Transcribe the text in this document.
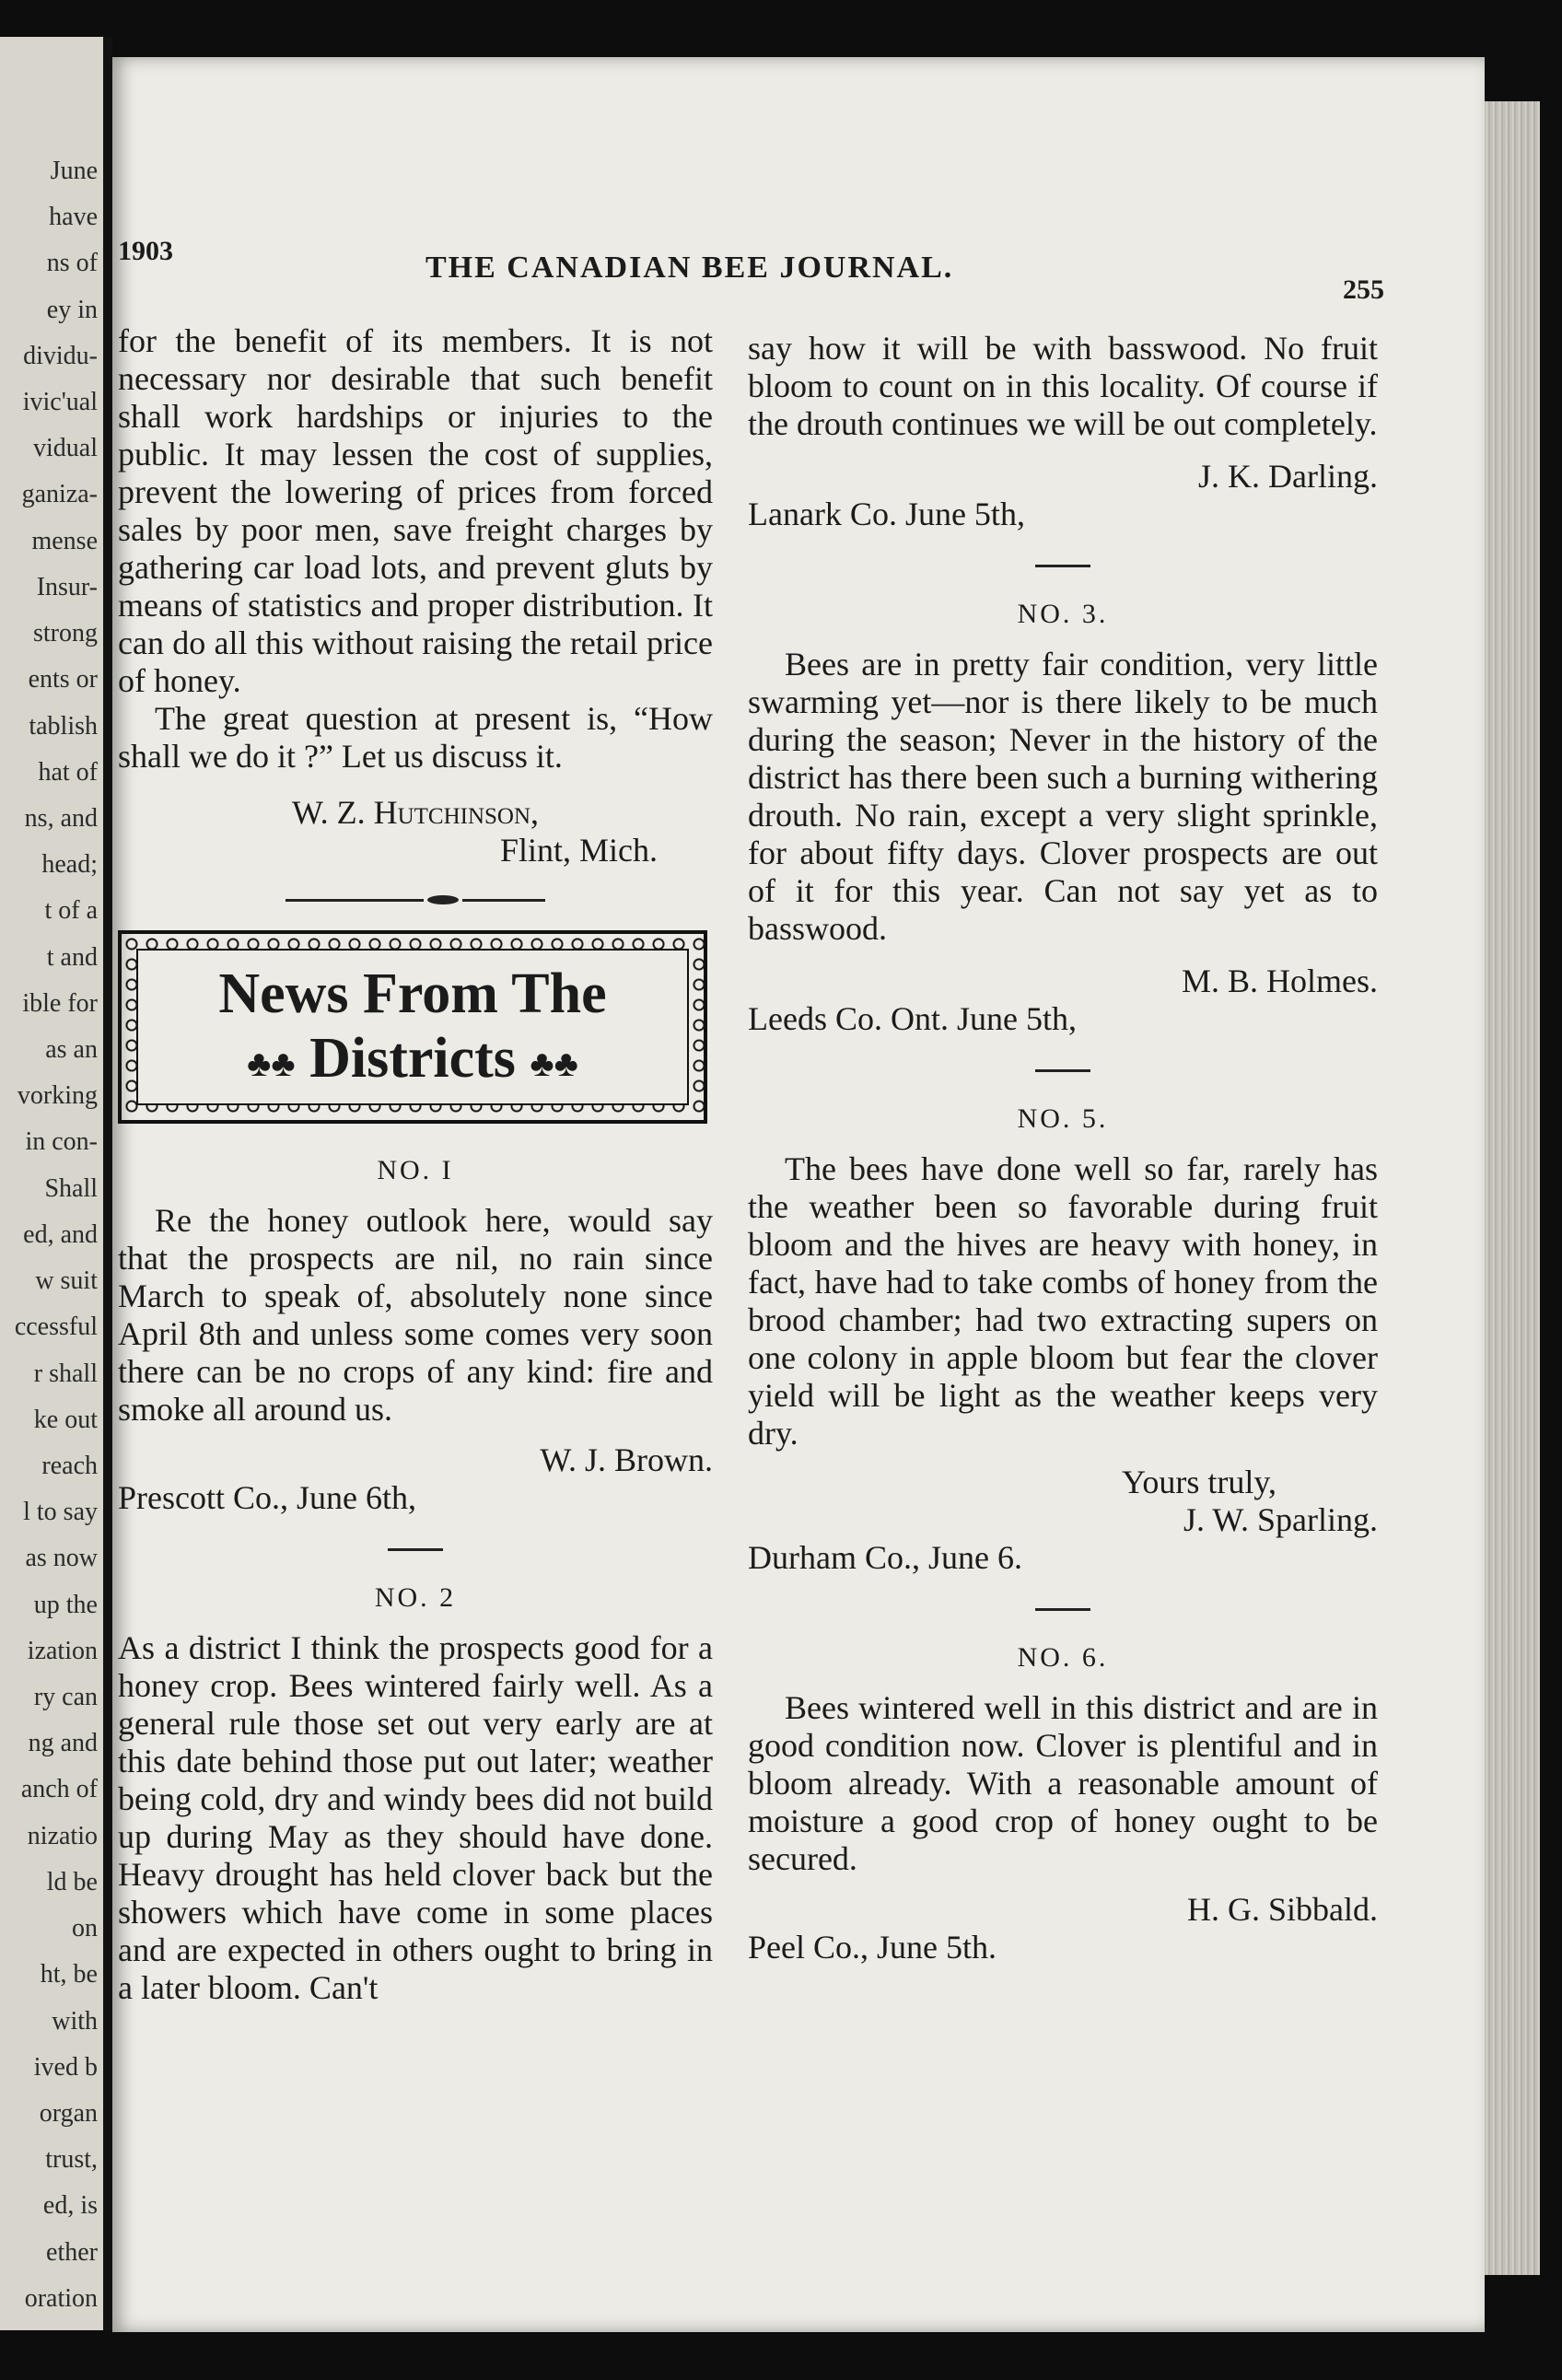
June
have
ns of
ey in
dividu-
ivic'ual
vidual
ganiza-
mense
Insur-
strong
ents or
tablish
hat of
ns, and
head;
t of a
t and
ible for
as an
vorking
in con-
Shall
ed, and
w suit
ccessful
r shall
ke out
reach
l to say
as now
up the
ization
ry can
ng and
anch of
nizatio
ld be
on
ht, be
with
ived b
organ
trust,
ed, is
ether
oration
1903	THE CANADIAN BEE JOURNAL.
255

for the benefit of its members. It is not necessary nor desirable that such benefit shall work hardships or injuries to the public. It may lessen the cost of supplies, prevent the lowering of prices from forced sales by poor men, save freight charges by gathering car load lots, and prevent gluts by means of statistics and proper distribution. It can do all this without raising the retail price of honey.

The great question at present is, “How shall we do it ?” Let us discuss it.

W. Z. Hutchinson,

Flint, Mich.

News From The
♣♣ Districts ♣♣
NO. I

Re the honey outlook here, would say that the prospects are nil, no rain since March to speak of, absolutely none since April 8th and unless some comes very soon there can be no crops of any kind: fire and smoke all around us.

W. J. Brown.

Prescott Co., June 6th,

NO. 2

As a district I think the prospects good for a honey crop. Bees wintered fairly well. As a general rule those set out very early are at this date behind those put out later; weather being cold, dry and windy bees did not build up during May as they should have done. Heavy drought has held clover back but the showers which have come in some places and are expected in others ought to bring in a later bloom. Can't

say how it will be with basswood. No fruit bloom to count on in this locality. Of course if the drouth continues we will be out completely.

J. K. Darling.

Lanark Co. June 5th,

NO. 3.

Bees are in pretty fair condition, very little swarming yet—nor is there likely to be much during the season; Never in the history of the district has there been such a burning withering drouth. No rain, except a very slight sprinkle, for about fifty days. Clover prospects are out of it for this year. Can not say yet as to basswood.

M. B. Holmes.

Leeds Co. Ont. June 5th,

NO. 5.

The bees have done well so far, rarely has the weather been so favorable during fruit bloom and the hives are heavy with honey, in fact, have had to take combs of honey from the brood chamber; had two extracting supers on one colony in apple bloom but fear the clover yield will be light as the weather keeps very dry.

Yours truly,

J. W. Sparling.

Durham Co., June 6.

NO. 6.

Bees wintered well in this district and are in good condition now. Clover is plentiful and in bloom already. With a reasonable amount of moisture a good crop of honey ought to be secured.

H. G. Sibbald.

Peel Co., June 5th.
